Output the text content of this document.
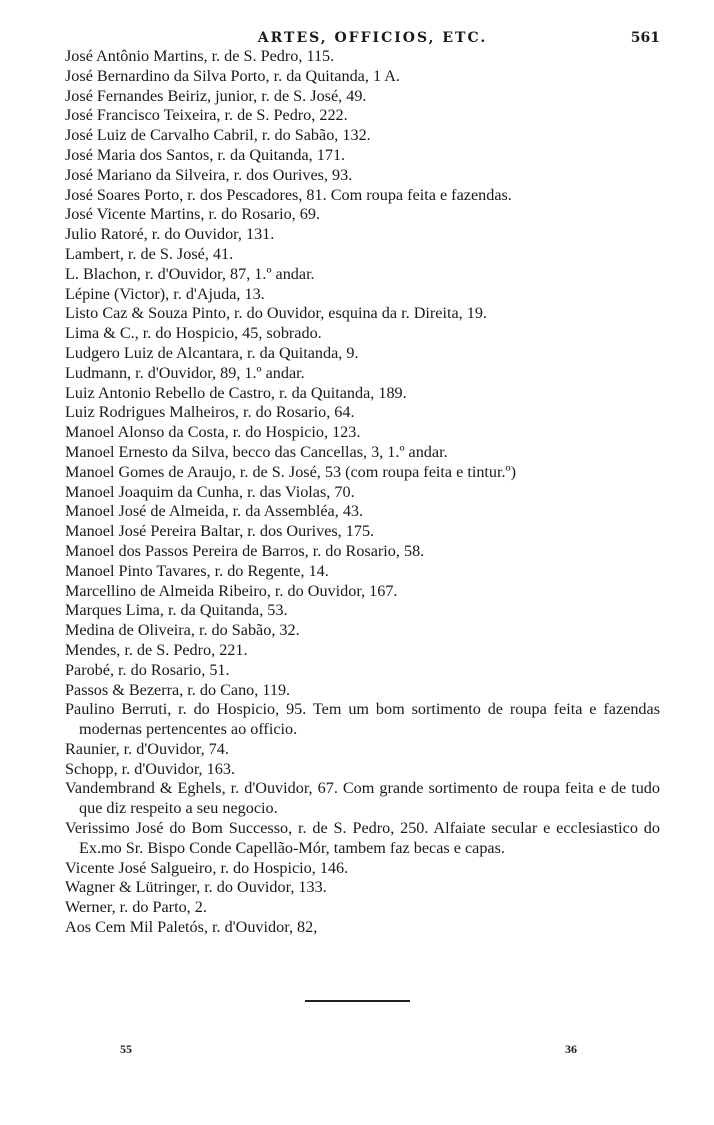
ARTES, OFFICIOS, ETC.	561
José Antônio Martins, r. de S. Pedro, 115.
José Bernardino da Silva Porto, r. da Quitanda, 1 A.
José Fernandes Beiriz, junior, r. de S. José, 49.
José Francisco Teixeira, r. de S. Pedro, 222.
José Luiz de Carvalho Cabril, r. do Sabão, 132.
José Maria dos Santos, r. da Quitanda, 171.
José Mariano da Silveira, r. dos Ourives, 93.
José Soares Porto, r. dos Pescadores, 81. Com roupa feita e fazendas.
José Vicente Martins, r. do Rosario, 69.
Julio Ratoré, r. do Ouvidor, 131.
Lambert, r. de S. José, 41.
L. Blachon, r. d'Ouvidor, 87, 1.º andar.
Lépine (Victor), r. d'Ajuda, 13.
Listo Caz & Souza Pinto, r. do Ouvidor, esquina da r. Direita, 19.
Lima & C., r. do Hospicio, 45, sobrado.
Ludgero Luiz de Alcantara, r. da Quitanda, 9.
Ludmann, r. d'Ouvidor, 89, 1.º andar.
Luiz Antonio Rebello de Castro, r. da Quitanda, 189.
Luiz Rodrigues Malheiros, r. do Rosario, 64.
Manoel Alonso da Costa, r. do Hospicio, 123.
Manoel Ernesto da Silva, becco das Cancellas, 3, 1.º andar.
Manoel Gomes de Araujo, r. de S. José, 53 (com roupa feita e tintur.º)
Manoel Joaquim da Cunha, r. das Violas, 70.
Manoel José de Almeida, r. da Assembléa, 43.
Manoel José Pereira Baltar, r. dos Ourives, 175.
Manoel dos Passos Pereira de Barros, r. do Rosario, 58.
Manoel Pinto Tavares, r. do Regente, 14.
Marcellino de Almeida Ribeiro, r. do Ouvidor, 167.
Marques Lima, r. da Quitanda, 53.
Medina de Oliveira, r. do Sabão, 32.
Mendes, r. de S. Pedro, 221.
Parobé, r. do Rosario, 51.
Passos & Bezerra, r. do Cano, 119.
Paulino Berruti, r. do Hospicio, 95. Tem um bom sortimento de roupa feita e fazendas modernas pertencentes ao officio.
Raunier, r. d'Ouvidor, 74.
Schopp, r. d'Ouvidor, 163.
Vandembrand & Eghels, r. d'Ouvidor, 67. Com grande sortimento de roupa feita e de tudo que diz respeito a seu negocio.
Verissimo José do Bom Successo, r. de S. Pedro, 250. Alfaiate secular e ecclesiastico do Ex.mo Sr. Bispo Conde Capellão-Mór, tambem faz becas e capas.
Vicente José Salgueiro, r. do Hospicio, 146.
Wagner & Lütringer, r. do Ouvidor, 133.
Werner, r. do Parto, 2.
Aos Cem Mil Paletós, r. d'Ouvidor, 82,
55	36
